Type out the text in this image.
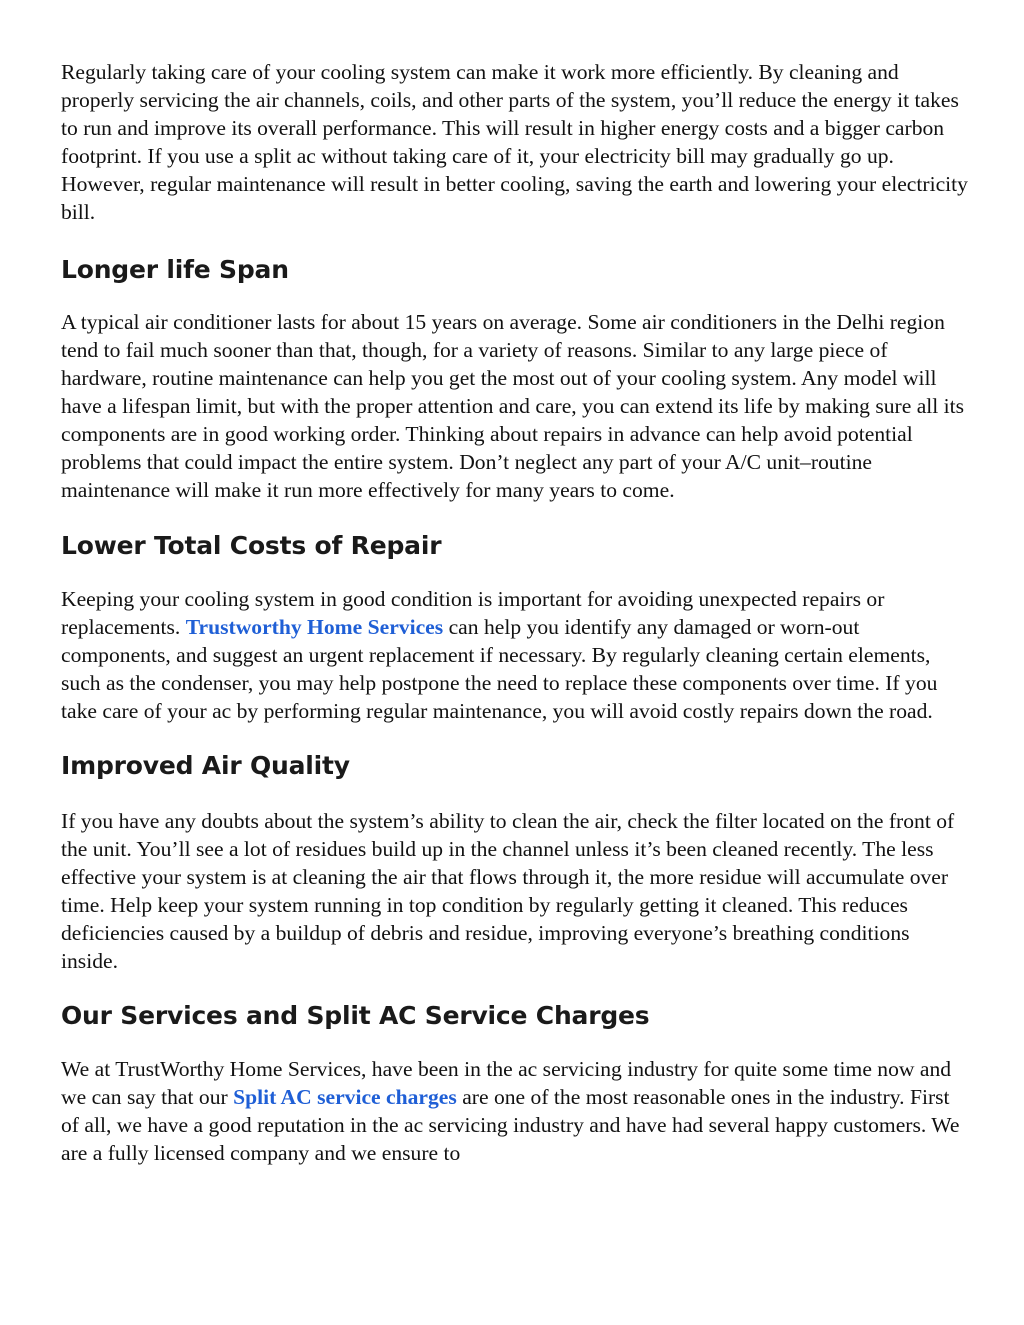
Regularly taking care of your cooling system can make it work more efficiently. By cleaning and properly servicing the air channels, coils, and other parts of the system, you’ll reduce the energy it takes to run and improve its overall performance. This will result in higher energy costs and a bigger carbon footprint. If you use a split ac without taking care of it, your electricity bill may gradually go up. However, regular maintenance will result in better cooling, saving the earth and lowering your electricity bill.

Longer life Span

A typical air conditioner lasts for about 15 years on average. Some air conditioners in the Delhi region tend to fail much sooner than that, though, for a variety of reasons. Similar to any large piece of hardware, routine maintenance can help you get the most out of your cooling system. Any model will have a lifespan limit, but with the proper attention and care, you can extend its life by making sure all its components are in good working order. Thinking about repairs in advance can help avoid potential problems that could impact the entire system. Don’t neglect any part of your A/C unit–routine maintenance will make it run more effectively for many years to come.

Lower Total Costs of Repair

Keeping your cooling system in good condition is important for avoiding unexpected repairs or replacements. Trustworthy Home Services can help you identify any damaged or worn-out components, and suggest an urgent replacement if necessary. By regularly cleaning certain elements, such as the condenser, you may help postpone the need to replace these components over time. If you take care of your ac by performing regular maintenance, you will avoid costly repairs down the road.

Improved Air Quality

If you have any doubts about the system’s ability to clean the air, check the filter located on the front of the unit. You’ll see a lot of residues build up in the channel unless it’s been cleaned recently. The less effective your system is at cleaning the air that flows through it, the more residue will accumulate over time. Help keep your system running in top condition by regularly getting it cleaned. This reduces deficiencies caused by a buildup of debris and residue, improving everyone’s breathing conditions inside.

Our Services and Split AC Service Charges

We at TrustWorthy Home Services, have been in the ac servicing industry for quite some time now and we can say that our Split AC service charges are one of the most reasonable ones in the industry. First of all, we have a good reputation in the ac servicing industry and have had several happy customers. We are a fully licensed company and we ensure to
